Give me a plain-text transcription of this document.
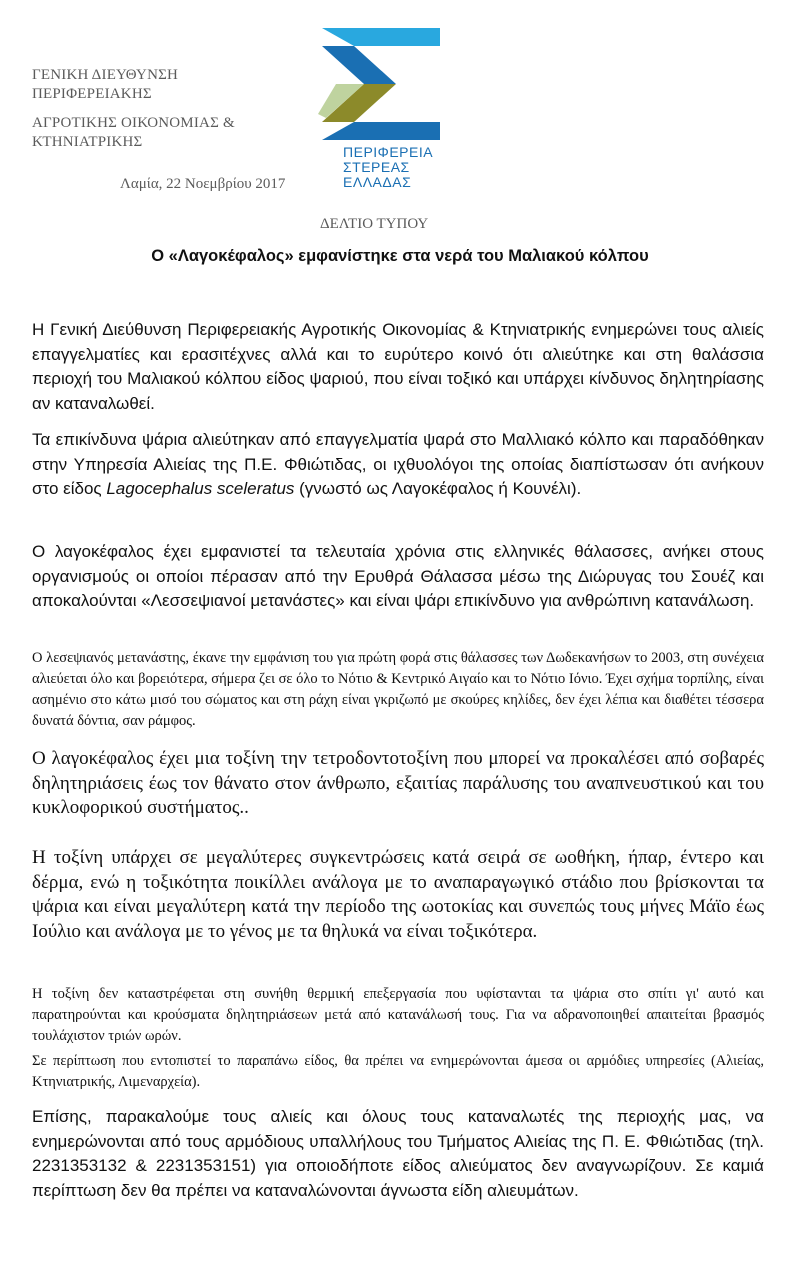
ΓΕΝΙΚΗ ΔΙΕΥΘΥΝΣΗ
ΠΕΡΙΦΕΡΕΙΑΚΗΣ
ΑΓΡΟΤΙΚΗΣ ΟΙΚΟΝΟΜΙΑΣ &
ΚΤΗΝΙΑΤΡΙΚΗΣ
ΠΕΡΙΦΕΡΕΙΑ
ΣΤΕΡΕΑΣ
ΕΛΛΑΔΑΣ
Λαμία, 22 Νοεμβρίου 2017
ΔΕΛΤΙΟ ΤΥΠΟΥ
Ο «Λαγοκέφαλος» εμφανίστηκε στα νερά του Μαλιακού κόλπου

Η Γενική Διεύθυνση Περιφερειακής Αγροτικής Οικονομίας & Κτηνιατρικής ενημερώνει τους αλιείς επαγγελματίες και ερασιτέχνες αλλά και το ευρύτερο κοινό ότι αλιεύτηκε και στη θαλάσσια περιοχή του Μαλιακού κόλπου είδος ψαριού, που είναι τοξικό και υπάρχει κίνδυνος δηλητηρίασης αν καταναλωθεί.

Τα επικίνδυνα ψάρια αλιεύτηκαν από επαγγελματία ψαρά στο Μαλλιακό κόλπο και παραδόθηκαν στην Υπηρεσία Αλιείας της Π.Ε. Φθιώτιδας, οι ιχθυολόγοι της οποίας διαπίστωσαν ότι ανήκουν στο είδος Lagocephalus sceleratus (γνωστό ως Λαγοκέφαλος ή Κουνέλι).

Ο λαγοκέφαλος έχει εμφανιστεί τα τελευταία χρόνια στις ελληνικές θάλασσες, ανήκει στους οργανισμούς οι οποίοι πέρασαν από την Ερυθρά Θάλασσα μέσω της Διώρυγας του Σουέζ και αποκαλούνται «Λεσσεψιανοί μετανάστες» και είναι ψάρι επικίνδυνο για ανθρώπινη κατανάλωση.

Ο λεσεψιανός μετανάστης, έκανε την εμφάνιση του για πρώτη φορά στις θάλασσες των Δωδεκανήσων το 2003, στη συνέχεια αλιεύεται όλο και βορειότερα, σήμερα ζει σε όλο το Νότιο & Κεντρικό Αιγαίο και το Νότιο Ιόνιο. Έχει σχήμα τορπίλης, είναι ασημένιο στο κάτω μισό του σώματος και στη ράχη είναι γκριζωπό με σκούρες κηλίδες, δεν έχει λέπια και διαθέτει τέσσερα δυνατά δόντια, σαν ράμφος.

Ο λαγοκέφαλος έχει μια τοξίνη την τετροδοντοτοξίνη που μπορεί να προκαλέσει από σοβαρές δηλητηριάσεις έως τον θάνατο στον άνθρωπο, εξαιτίας παράλυσης του αναπνευστικού και του κυκλοφορικού συστήματος..

Η τοξίνη υπάρχει σε μεγαλύτερες συγκεντρώσεις κατά σειρά σε ωοθήκη, ήπαρ, έντερο και δέρμα, ενώ η τοξικότητα ποικίλλει ανάλογα με το αναπαραγωγικό στάδιο που βρίσκονται τα ψάρια και είναι μεγαλύτερη κατά την περίοδο της ωοτοκίας και συνεπώς τους μήνες Μάϊο έως Ιούλιο και ανάλογα με το γένος με τα θηλυκά να είναι τοξικότερα.

Η τοξίνη δεν καταστρέφεται στη συνήθη θερμική επεξεργασία που υφίστανται τα ψάρια στο σπίτι γι' αυτό και παρατηρούνται και κρούσματα δηλητηριάσεων μετά από κατανάλωσή τους. Για να αδρανοποιηθεί απαιτείται βρασμός τουλάχιστον τριών ωρών.

Σε περίπτωση που εντοπιστεί το παραπάνω είδος, θα πρέπει να ενημερώνονται άμεσα οι αρμόδιες υπηρεσίες (Αλιείας, Κτηνιατρικής, Λιμεναρχεία).

Επίσης, παρακαλούμε τους αλιείς και όλους τους καταναλωτές της περιοχής μας, να ενημερώνονται από τους αρμόδιους υπαλλήλους του Τμήματος Αλιείας της Π. Ε. Φθιώτιδας (τηλ. 2231353132 & 2231353151) για οποιοδήποτε είδος αλιεύματος δεν αναγνωρίζουν. Σε καμιά περίπτωση δεν θα πρέπει να καταναλώνονται άγνωστα είδη αλιευμάτων.
